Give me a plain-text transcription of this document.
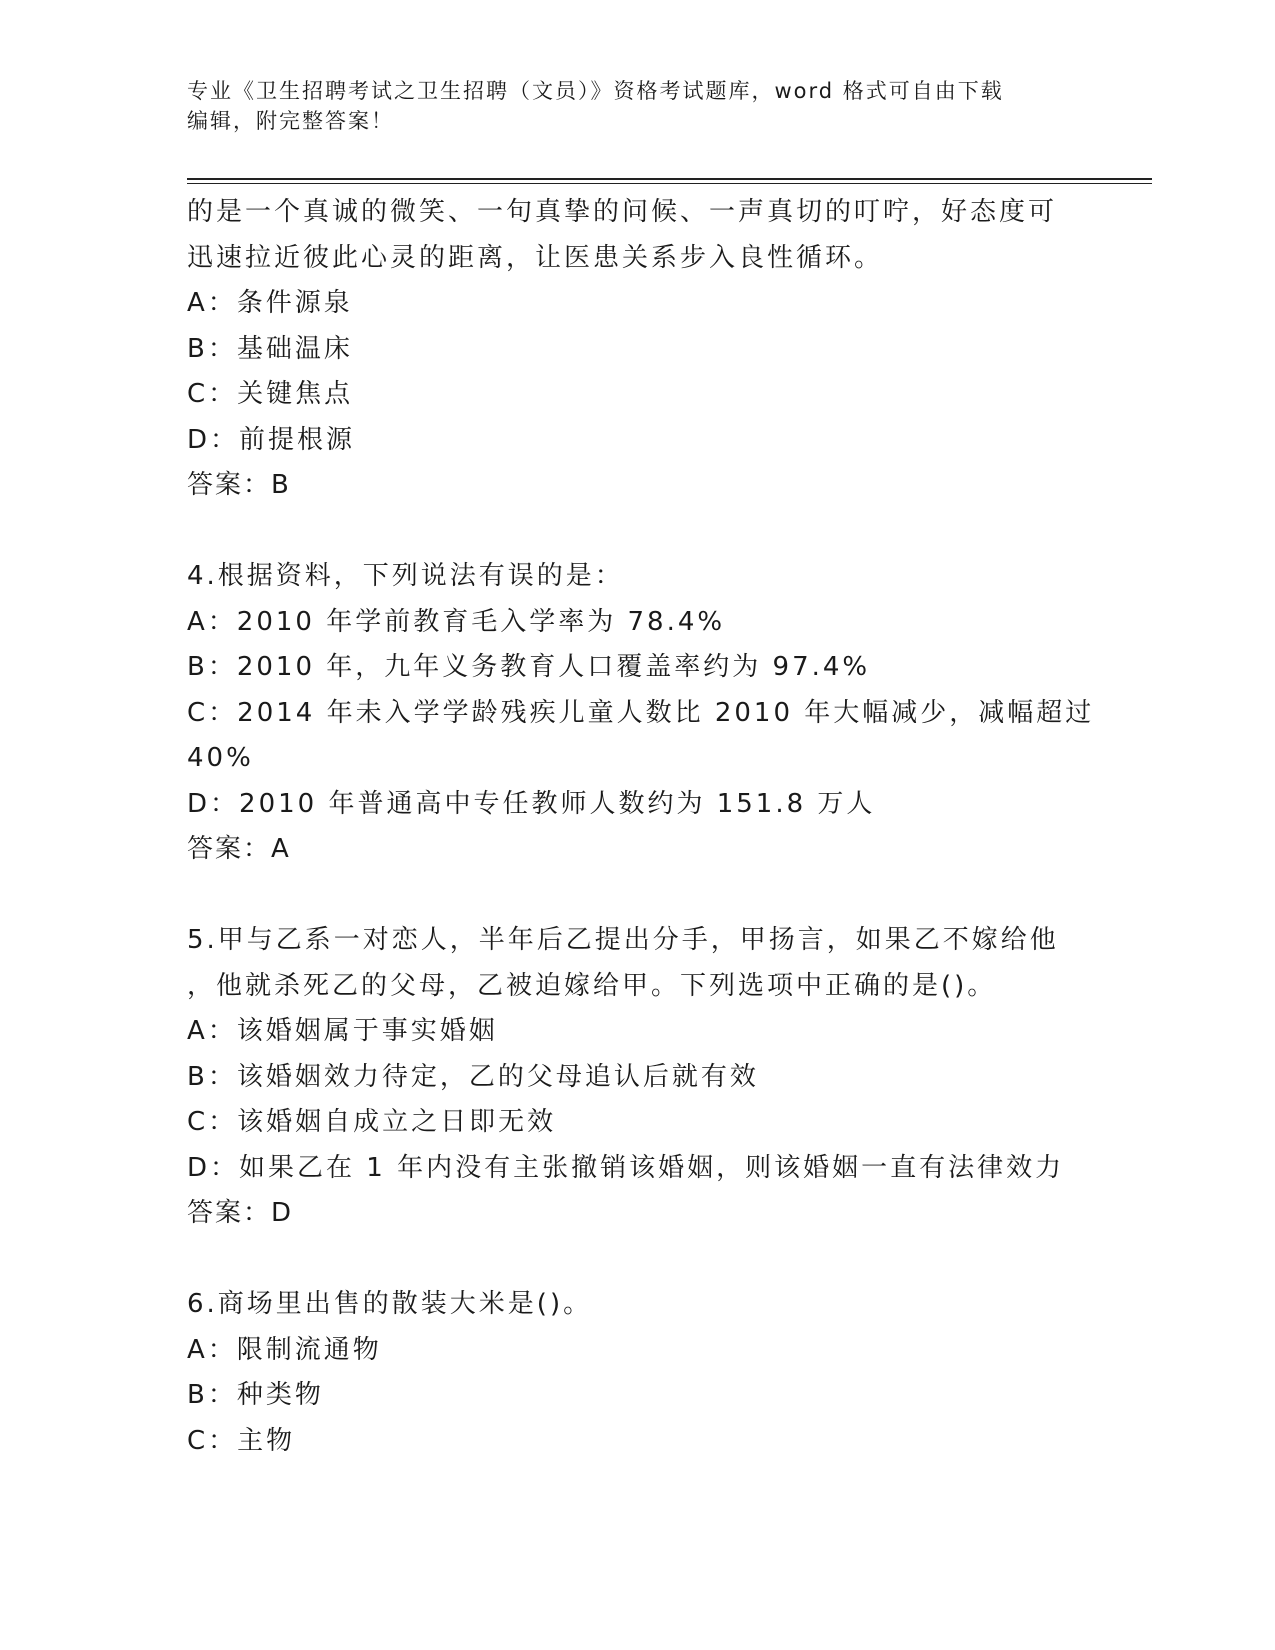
专业《卫生招聘考试之卫生招聘（文员）》资格考试题库，word 格式可自由下载
编辑，附完整答案！
的是一个真诚的微笑、一句真挚的问候、一声真切的叮咛，好态度可
迅速拉近彼此心灵的距离，让医患关系步入良性循环。
A：条件源泉
B：基础温床
C：关键焦点
D：前提根源
答案：B
4.根据资料，下列说法有误的是：
A：2010 年学前教育毛入学率为 78.4%
B：2010 年，九年义务教育人口覆盖率约为 97.4%
C：2014 年未入学学龄残疾儿童人数比 2010 年大幅减少，减幅超过
40%
D：2010 年普通高中专任教师人数约为 151.8 万人
答案：A
5.甲与乙系一对恋人，半年后乙提出分手，甲扬言，如果乙不嫁给他
，他就杀死乙的父母，乙被迫嫁给甲。下列选项中正确的是()。
A：该婚姻属于事实婚姻
B：该婚姻效力待定，乙的父母追认后就有效
C：该婚姻自成立之日即无效
D：如果乙在 1 年内没有主张撤销该婚姻，则该婚姻一直有法律效力
答案：D
6.商场里出售的散装大米是()。
A：限制流通物
B：种类物
C：主物
